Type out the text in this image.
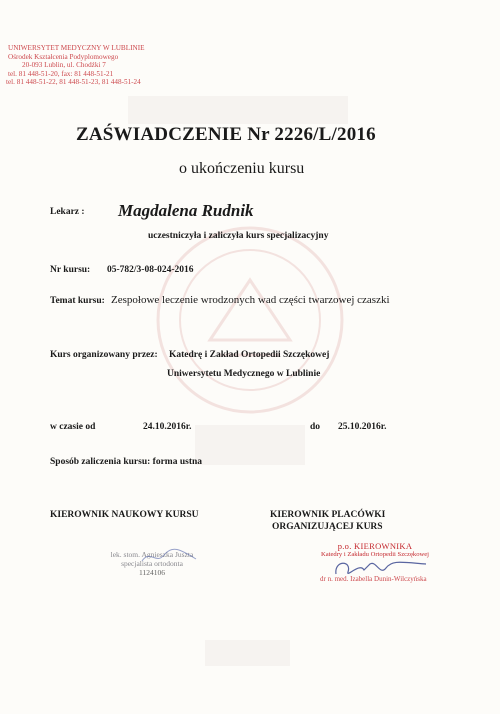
UNIWERSYTET MEDYCZNY W LUBLINIE
Ośrodek Kształcenia Podyplomowego
20-093 Lublin, ul. Chodźki 7
tel. 81 448-51-20, fax: 81 448-51-21
tel. 81 448-51-22, 81 448-51-23, 81 448-51-24
ZAŚWIADCZENIE Nr 2226/L/2016
o ukończeniu kursu
Lekarz : Magdalena Rudnik
uczestniczyła i zaliczyła kurs specjalizacyjny
Nr kursu: 05-782/3-08-024-2016
Temat kursu: Zespołowe leczenie wrodzonych wad części twarzowej czaszki
Kurs organizowany przez: Katedrę i Zakład Ortopedii Szczękowej
Uniwersytetu Medycznego w Lublinie
w czasie od	24.10.2016r.	do 25.10.2016r.
Sposób zaliczenia kursu: forma ustna
KIEROWNIK NAUKOWY KURSU	KIEROWNIK PLACÓWKI
ORGANIZUJĄCEJ KURS
lek. stom. Agnieszka Juszta
specjalista ortodonta
1124106
p.o. KIEROWNIKA
Katedry i Zakładu Ortopedii Szczękowej
dr n. med. Izabella Dunin-Wilczyńska
